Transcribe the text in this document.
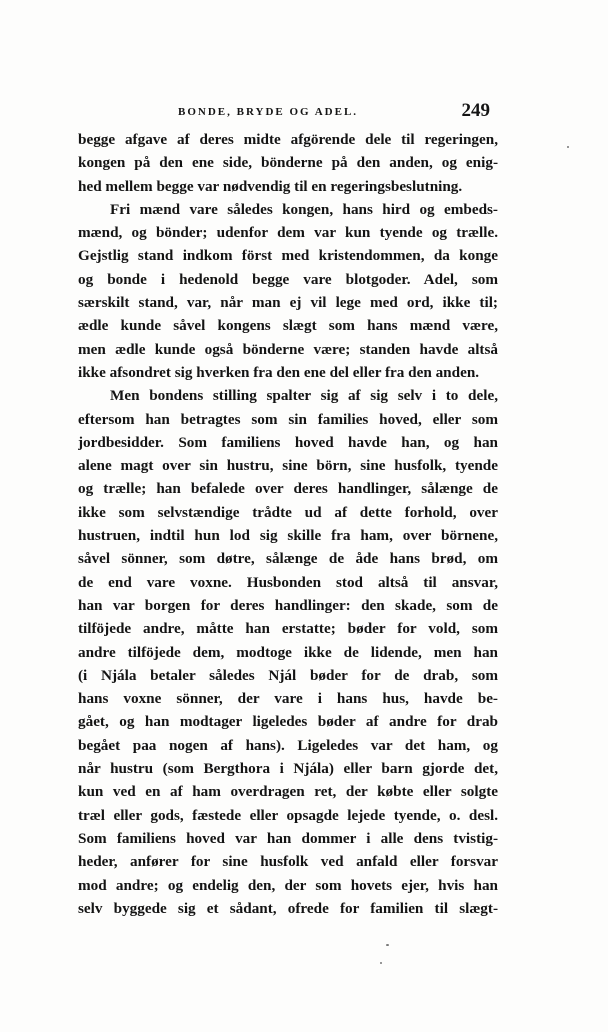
BONDE, BRYDE OG ADEL.	249
begge afgave af deres midte afgörende dele til regeringen,
kongen på den ene side, bönderne på den anden, og enig-
hed mellem begge var nødvendig til en regeringsbeslutning.
Fri mænd vare således kongen, hans hird og embeds-
mænd, og bönder; udenfor dem var kun tyende og trælle.
Gejstlig stand indkom först med kristendommen, da konge
og bonde i hedenold begge vare blotgoder. Adel, som
særskilt stand, var, når man ej vil lege med ord, ikke til;
ædle kunde såvel kongens slægt som hans mænd være,
men ædle kunde også bönderne være; standen havde altså
ikke afsondret sig hverken fra den ene del eller fra den anden.
Men bondens stilling spalter sig af sig selv i to dele,
eftersom han betragtes som sin families hoved, eller som
jordbesidder. Som familiens hoved havde han, og han
alene magt over sin hustru, sine börn, sine husfolk, tyende
og trælle; han befalede over deres handlinger, sålænge de
ikke som selvstændige trådte ud af dette forhold, over
hustruen, indtil hun lod sig skille fra ham, over börnene,
såvel sönner, som døtre, sålænge de åde hans brød, om
de end vare voxne. Husbonden stod altså til ansvar,
han var borgen for deres handlinger: den skade, som de
tilföjede andre, måtte han erstatte; bøder for vold, som
andre tilföjede dem, modtoge ikke de lidende, men han
(i Njála betaler således Njál bøder for de drab, som
hans voxne sönner, der vare i hans hus, havde be-
gået, og han modtager ligeledes bøder af andre for drab
begået paa nogen af hans). Ligeledes var det ham, og
når hustru (som Bergthora i Njála) eller barn gjorde det,
kun ved en af ham overdragen ret, der købte eller solgte
træl eller gods, fæstede eller opsagde lejede tyende, o. desl.
Som familiens hoved var han dommer i alle dens tvistig-
heder, anfører for sine husfolk ved anfald eller forsvar
mod andre; og endelig den, der som hovets ejer, hvis han
selv byggede sig et sådant, ofrede for familien til slægt-
